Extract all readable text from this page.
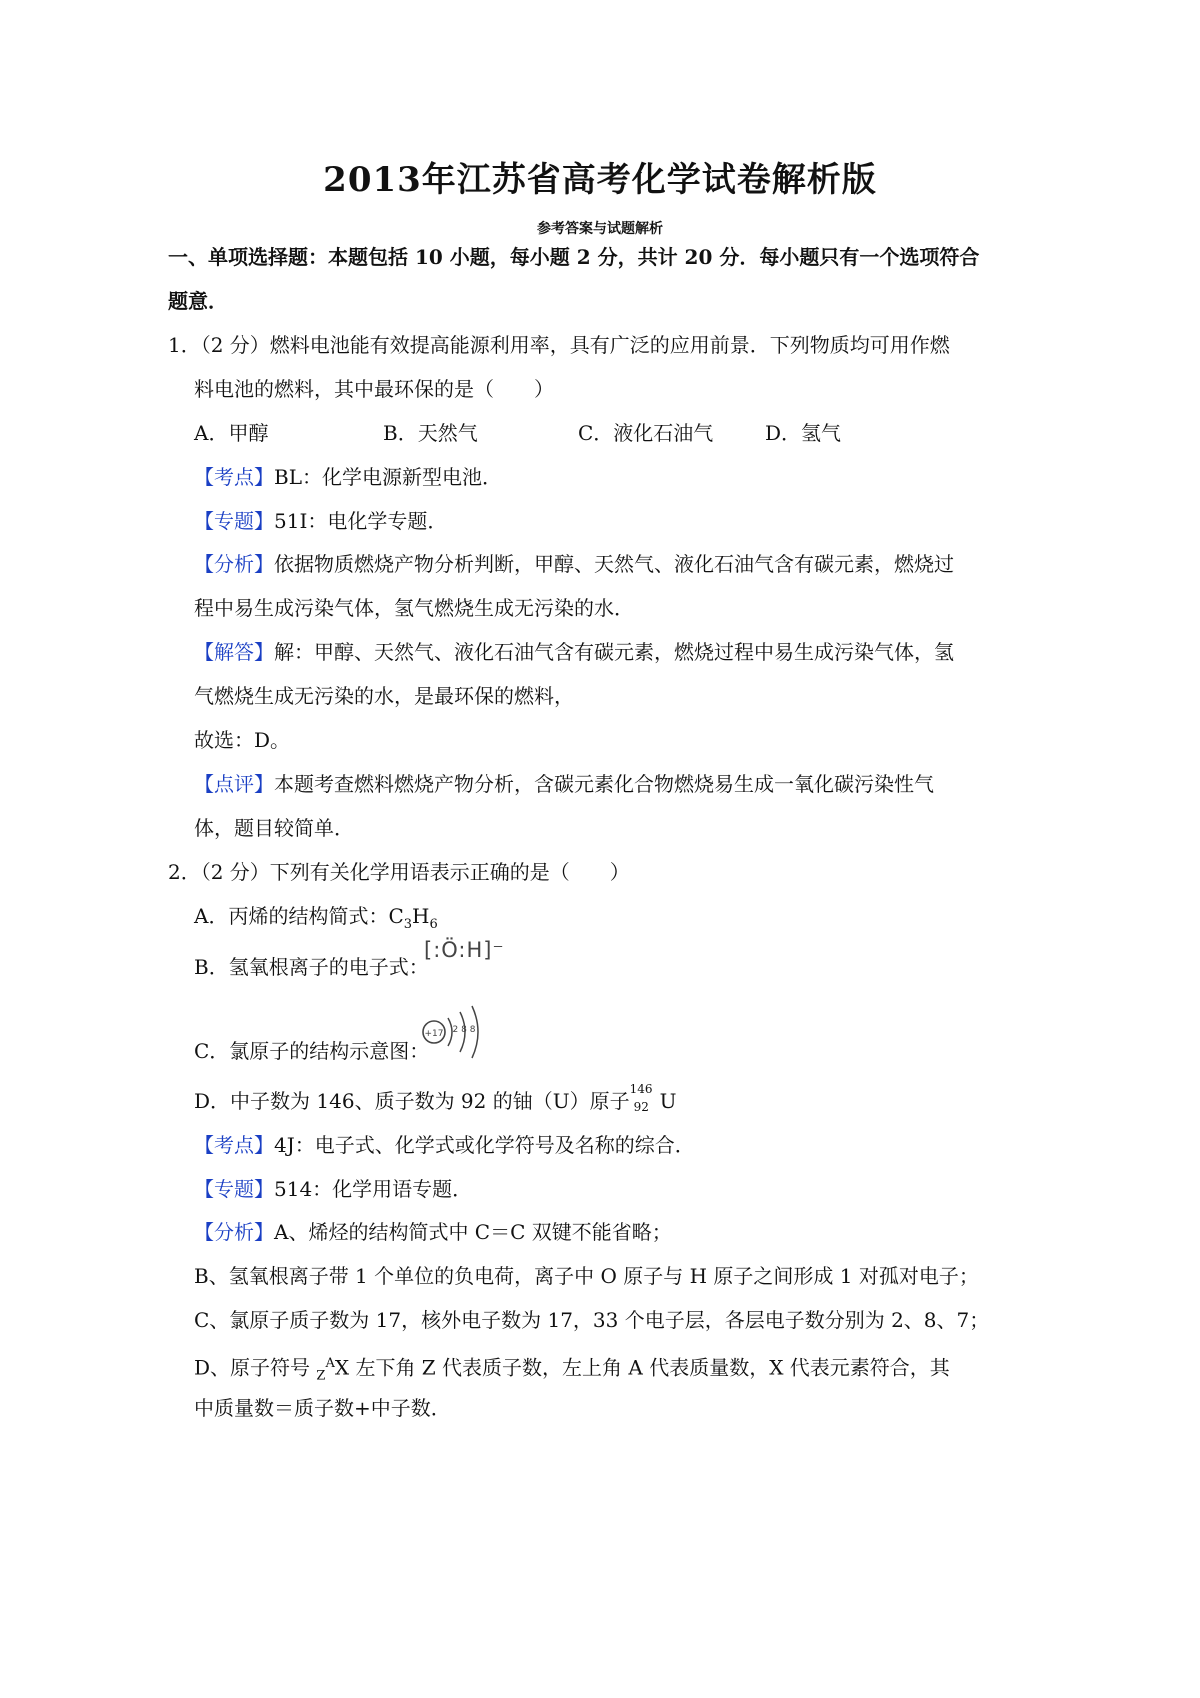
2013年江苏省高考化学试卷解析版
参考答案与试题解析
一、单项选择题：本题包括 10 小题，每小题 2 分，共计 20 分．每小题只有一个选项符合
题意．
1．（2 分）燃料电池能有效提高能源利用率，具有广泛的应用前景．下列物质均可用作燃
料电池的燃料，其中最环保的是（　　）
A．甲醇	B．天然气	C．液化石油气	D．氢气
【考点】BL：化学电源新型电池．
【专题】51I：电化学专题．
【分析】依据物质燃烧产物分析判断，甲醇、天然气、液化石油气含有碳元素，燃烧过
程中易生成污染气体，氢气燃烧生成无污染的水．
【解答】解：甲醇、天然气、液化石油气含有碳元素，燃烧过程中易生成污染气体，氢
气燃烧生成无污染的水，是最环保的燃料，
故选：D。
【点评】本题考查燃料燃烧产物分析，含碳元素化合物燃烧易生成一氧化碳污染性气
体，题目较简单．
2．（2 分）下列有关化学用语表示正确的是（　　）
A．丙烯的结构简式：$C_3H_6$
B．氢氧根离子的电子式：
[:Ö:H]⁻
C．氯原子的结构示意图：
+17 2 8 8
D．中子数为 146、质子数为 92 的铀（U）原子 146
92 U
【考点】4J：电子式、化学式或化学符号及名称的综合．
【专题】514：化学用语专题．
【分析】A、烯烃的结构简式中 C＝C 双键不能省略；
B、氢氧根离子带 1 个单位的负电荷，离子中 O 原子与 H 原子之间形成 1 对孤对电子；
C、氯原子质子数为 17，核外电子数为 17，33 个电子层，各层电子数分别为 2、8、7；
D、原子符号 $_Z^A$X 左下角 Z 代表质子数，左上角 A 代表质量数，X 代表元素符合，其
中质量数＝质子数+中子数．
